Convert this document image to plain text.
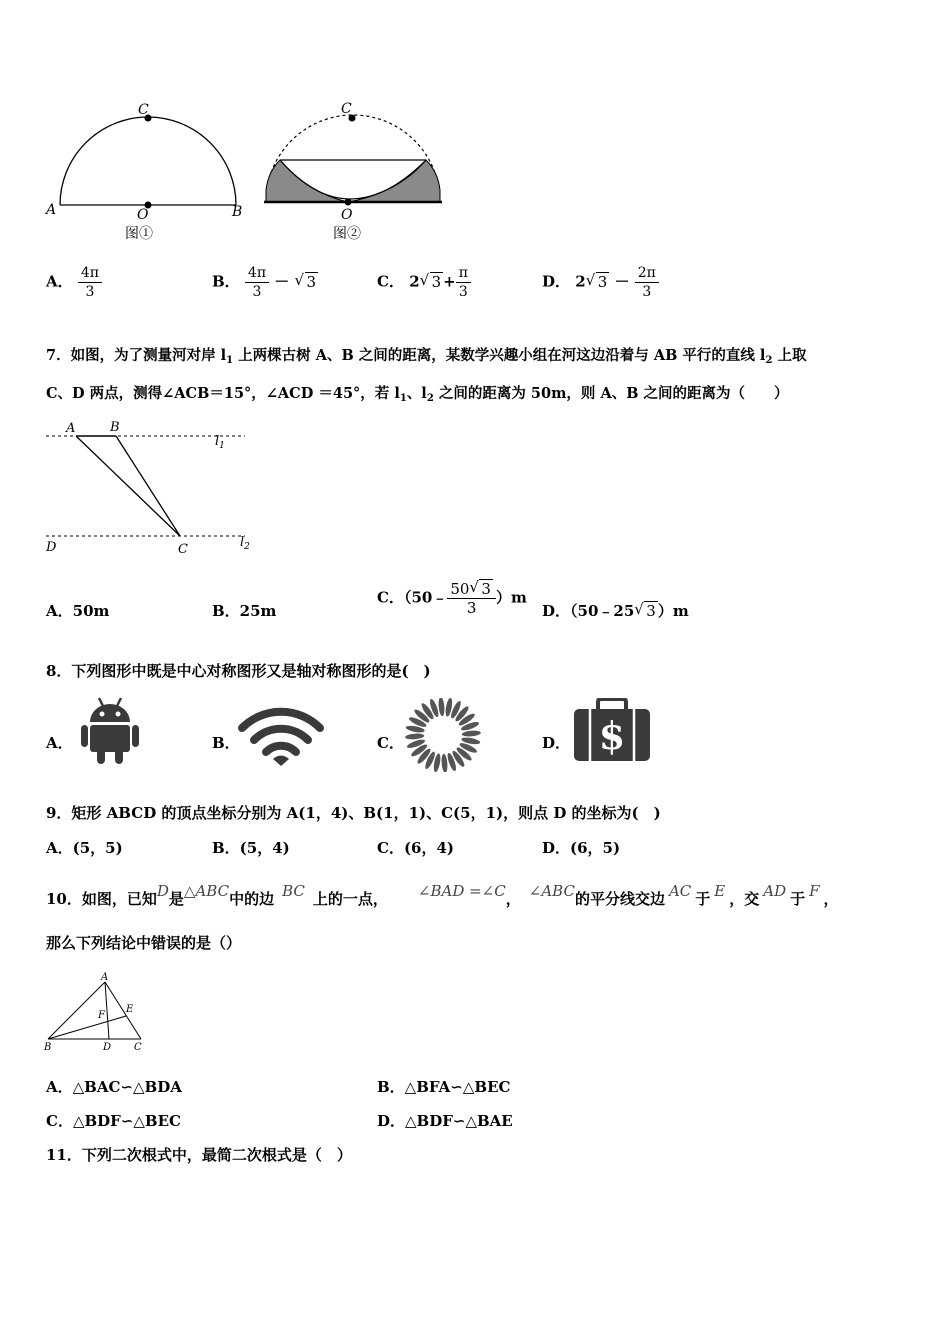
C
A	B
O
图①
C
O
图②
A． $\frac{4\pi}{3}$	B． $\frac{4\pi}{3}$ － √ 3	C． 2 √ $3 + \frac{\pi}{3}$	D． 2 √ $3 - \frac{2\pi}{3}$
7．如图，为了测量河对岸 $l_1$ 上两棵古树 A、B 之间的距离，某数学兴趣小组在河这边沿着与 AB 平行的直线 $l_2$ 上取
C、D 两点，测得∠ACB＝15°，∠ACD ＝45°，若 $l_1$、$l_2$ 之间的距离为 50m，则 A、B 之间的距离为（　　）
A	B
C
D
$l_1$
$l_2$
A．50m	B．25m
C．（50﹣ $\frac{50 √ 3}{3} )m$
D．（50﹣25 √ 3 ）m
8．下列图形中既是中心对称图形又是轴对称图形的是(　)
A．	B．	C．	D． $
9．矩形 ABCD 的顶点坐标分别为 A(1，4)、B(1，1)、C(5，1)，则点 D 的坐标为(　)
A．(5，5)	B．(5，4)	C．(6，4)	D．(6，5)
10．如图，已知D是△ABC中的边 BC 上的一点， ∠BAD =∠C， ∠ABC的平分线交边 AC 于 E ，交 AD 于 F ，
那么下列结论中错误的是（）
A
B	C
D
E
F
A．△BAC∽△BDA	B．△BFA∽△BEC
C．△BDF∽△BEC	D．△BDF∽△BAE
11．下列二次根式中，最简二次根式是（　）
